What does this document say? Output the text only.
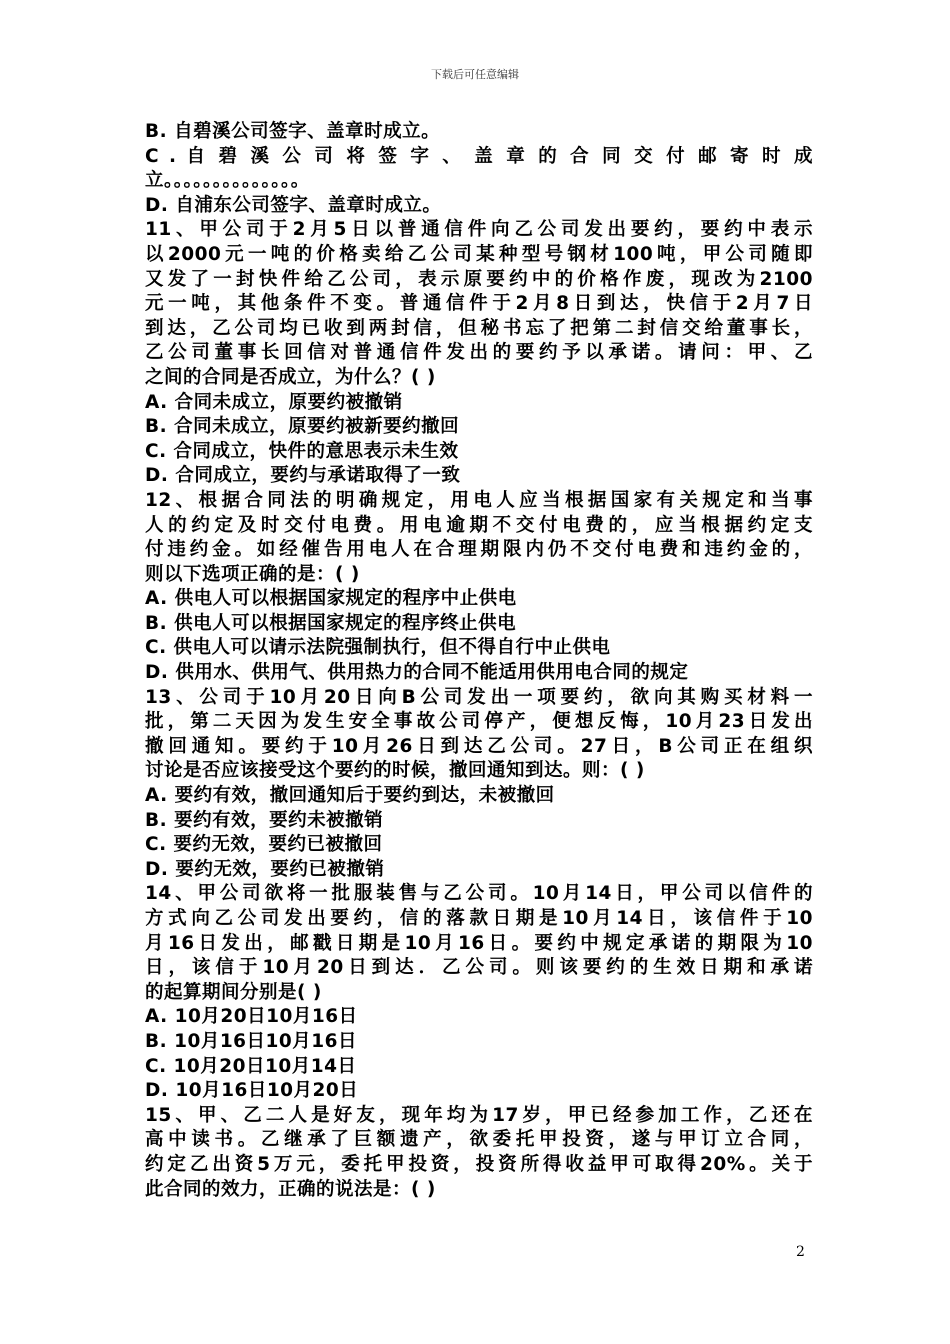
下载后可任意编辑
B. 自碧溪公司签字、盖章时成立。
C . 自 碧 溪 公 司 将 签 字 、 盖 章 的 合 同 交 付 邮 寄 时 成
立。。。。。。。。。。。。。。
D. 自浦东公司签字、盖章时成立。
11、甲公司于2月5日以普通信件向乙公司发出要约，要约中表示
以2000元一吨的价格卖给乙公司某种型号钢材100吨，甲公司随即
又发了一封快件给乙公司，表示原要约中的价格作废，现改为2100
元一吨，其他条件不变。普通信件于2月8日到达，快信于2月7日
到达，乙公司均已收到两封信，但秘书忘了把第二封信交给董事长，
乙公司董事长回信对普通信件发出的要约予以承诺。请问：甲、乙
之间的合同是否成立，为什么？( )
A. 合同未成立，原要约被撤销
B. 合同未成立，原要约被新要约撤回
C. 合同成立，快件的意思表示未生效
D. 合同成立，要约与承诺取得了一致
12、根据合同法的明确规定，用电人应当根据国家有关规定和当事
人的约定及时交付电费。用电逾期不交付电费的，应当根据约定支
付违约金。如经催告用电人在合理期限内仍不交付电费和违约金的，
则以下选项正确的是：( )
A. 供电人可以根据国家规定的程序中止供电
B. 供电人可以根据国家规定的程序终止供电
C. 供电人可以请示法院强制执行，但不得自行中止供电
D. 供用水、供用气、供用热力的合同不能适用供用电合同的规定
13、公司于10月20日向B公司发出一项要约，欲向其购买材料一
批，第二天因为发生安全事故公司停产，便想反悔，10月23日发出
撤回通知。要约于10月26日到达乙公司。27日，B公司正在组织
讨论是否应该接受这个要约的时候，撤回通知到达。则：( )
A. 要约有效，撤回通知后于要约到达，未被撤回
B. 要约有效，要约未被撤销
C. 要约无效，要约已被撤回
D. 要约无效，要约已被撤销
14、甲公司欲将一批服装售与乙公司。10月14日，甲公司以信件的
方式向乙公司发出要约，信的落款日期是10月14日，该信件于10
月16日发出，邮戳日期是10月16日。要约中规定承诺的期限为10
日，该信于10月20日到达．乙公司。则该要约的生效日期和承诺
的起算期间分别是( )
A. 10月20日10月16日
B. 10月16日10月16日
C. 10月20日10月14日
D. 10月16日10月20日
15、甲、乙二人是好友，现年均为17岁，甲已经参加工作，乙还在
高中读书。乙继承了巨额遗产，欲委托甲投资，遂与甲订立合同，
约定乙出资5万元，委托甲投资，投资所得收益甲可取得20%。关于
此合同的效力，正确的说法是：( )
2
